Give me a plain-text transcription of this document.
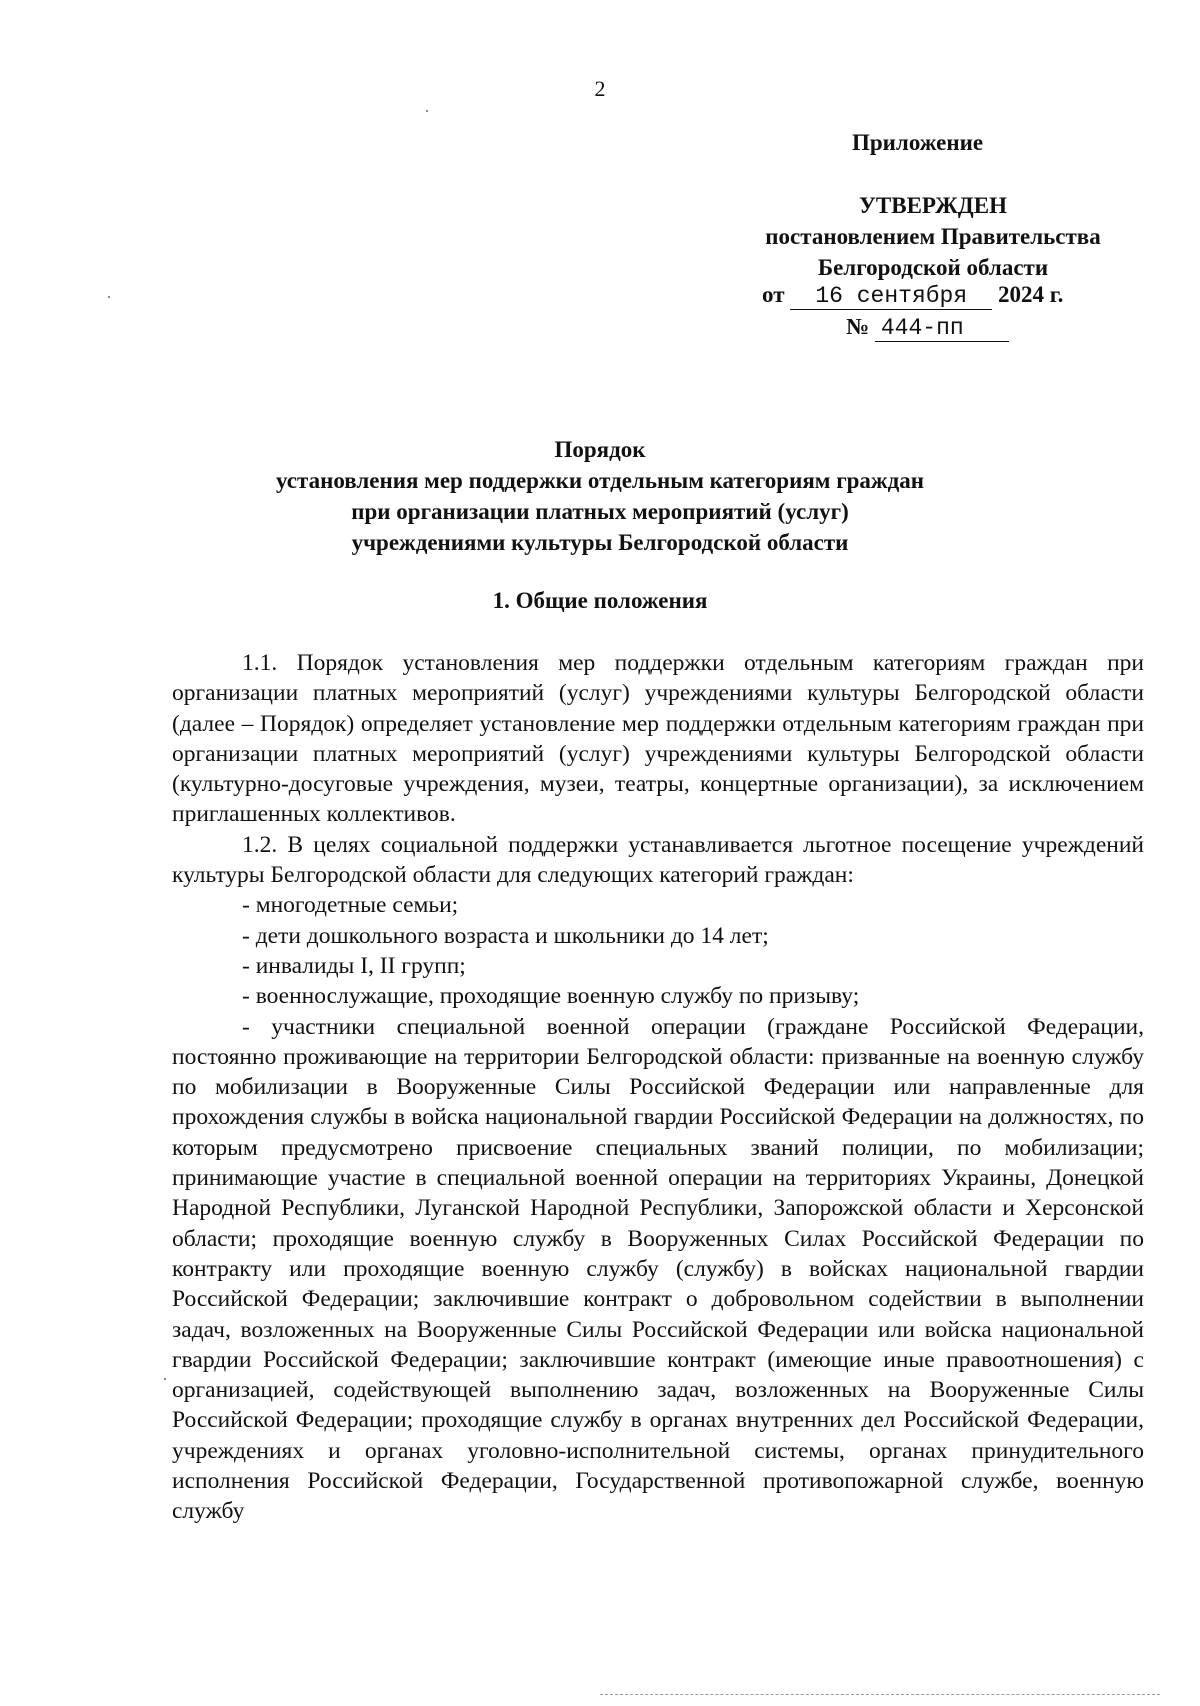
2
Приложение
УТВЕРЖДЕН
постановлением Правительства
Белгородской области
от 16 сентября 2024 г.
№ 444-пп
Порядок
установления мер поддержки отдельным категориям граждан
при организации платных мероприятий (услуг)
учреждениями культуры Белгородской области
1. Общие положения

1.1. Порядок установления мер поддержки отдельным категориям граждан при организации платных мероприятий (услуг) учреждениями культуры Белгородской области (далее – Порядок) определяет установление мер поддержки отдельным категориям граждан при организации платных мероприятий (услуг) учреждениями культуры Белгородской области (культурно-досуговые учреждения, музеи, театры, концертные организации), за исключением приглашенных коллективов.

1.2. В целях социальной поддержки устанавливается льготное посещение учреждений культуры Белгородской области для следующих категорий граждан:

- многодетные семьи;

- дети дошкольного возраста и школьники до 14 лет;

- инвалиды I, II групп;

- военнослужащие, проходящие военную службу по призыву;

- участники специальной военной операции (граждане Российской Федерации, постоянно проживающие на территории Белгородской области: призванные на военную службу по мобилизации в Вооруженные Силы Российской Федерации или направленные для прохождения службы в войска национальной гвардии Российской Федерации на должностях, по которым предусмотрено присвоение специальных званий полиции, по мобилизации; принимающие участие в специальной военной операции на территориях Украины, Донецкой Народной Республики, Луганской Народной Республики, Запорожской области и Херсонской области; проходящие военную службу в Вооруженных Силах Российской Федерации по контракту или проходящие военную службу (службу) в войсках национальной гвардии Российской Федерации; заключившие контракт о добровольном содействии в выполнении задач, возложенных на Вооруженные Силы Российской Федерации или войска национальной гвардии Российской Федерации; заключившие контракт (имеющие иные правоотношения) с организацией, содействующей выполнению задач, возложенных на Вооруженные Силы Российской Федерации; проходящие службу в органах внутренних дел Российской Федерации, учреждениях и органах уголовно-исполнительной системы, органах принудительного исполнения Российской Федерации, Государственной противопожарной службе, военную службу
